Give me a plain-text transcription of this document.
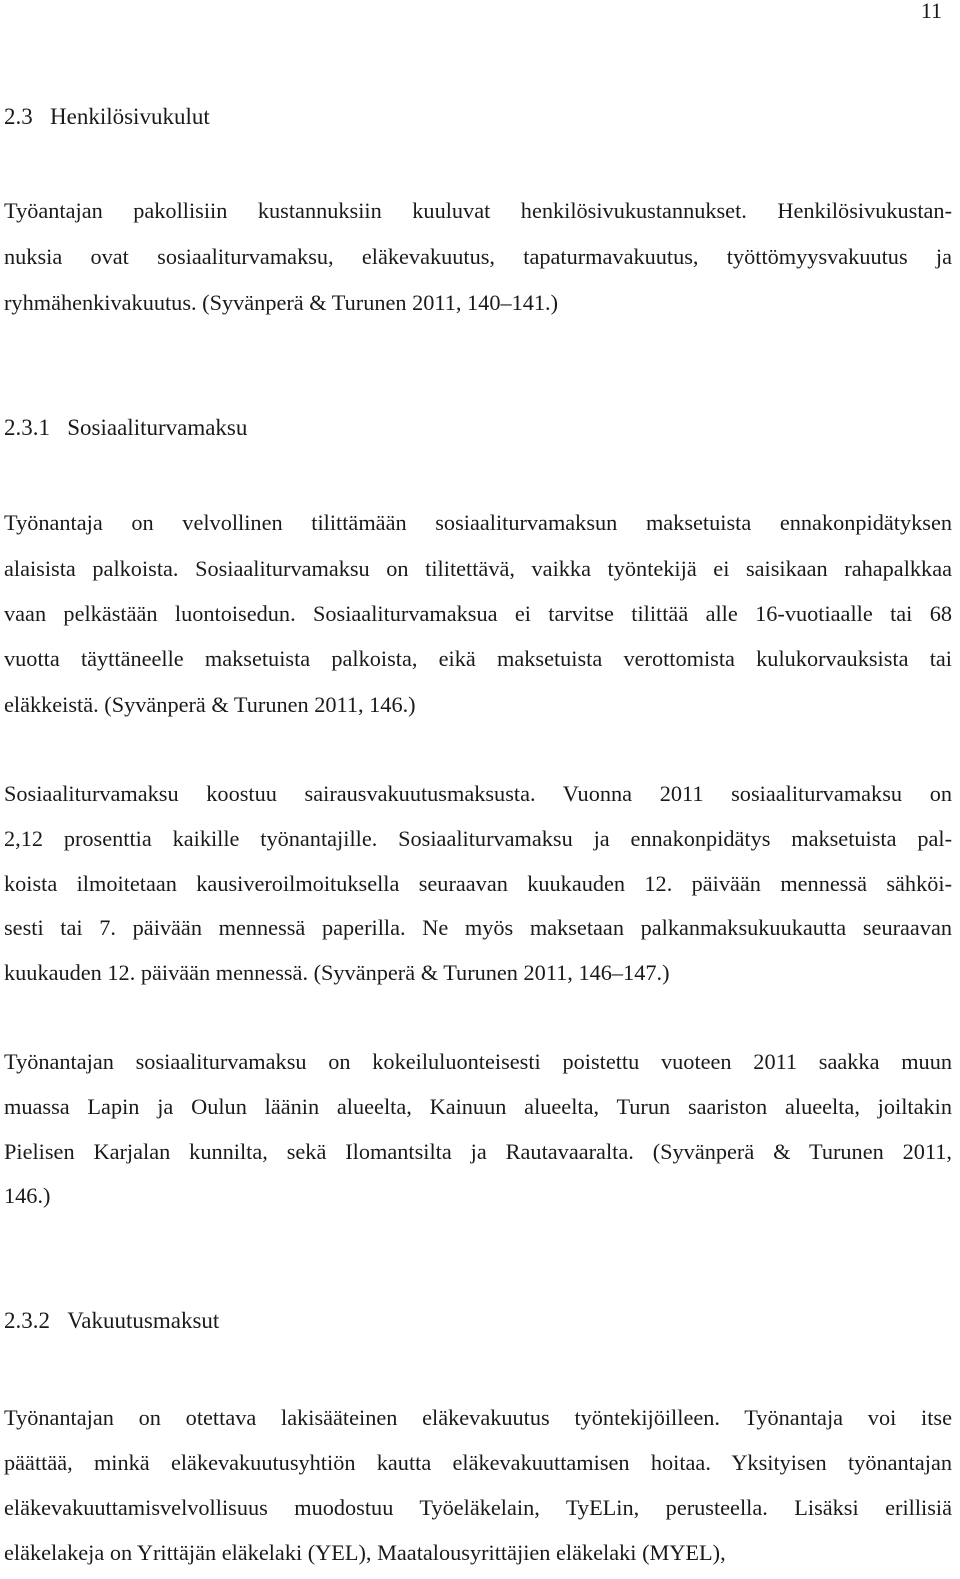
11
2.3 Henkilösivukulut
Työantajan pakollisiin kustannuksiin kuuluvat henkilösivukustannukset. Henkilösivukustan-
nuksia ovat sosiaaliturvamaksu, eläkevakuutus, tapaturmavakuutus, työttömyysvakuutus ja
ryhmähenkivakuutus. (Syvänperä & Turunen 2011, 140–141.)
2.3.1 Sosiaaliturvamaksu
Työnantaja on velvollinen tilittämään sosiaaliturvamaksun maksetuista ennakonpidätyksen
alaisista palkoista. Sosiaaliturvamaksu on tilitettävä, vaikka työntekijä ei saisikaan rahapalkkaa
vaan pelkästään luontoisedun. Sosiaaliturvamaksua ei tarvitse tilittää alle 16-vuotiaalle tai 68
vuotta täyttäneelle maksetuista palkoista, eikä maksetuista verottomista kulukorvauksista tai
eläkkeistä. (Syvänperä & Turunen 2011, 146.)
Sosiaaliturvamaksu koostuu sairausvakuutusmaksusta. Vuonna 2011 sosiaaliturvamaksu on
2,12 prosenttia kaikille työnantajille. Sosiaaliturvamaksu ja ennakonpidätys maksetuista pal-
koista ilmoitetaan kausiveroilmoituksella seuraavan kuukauden 12. päivään mennessä sähköi-
sesti tai 7. päivään mennessä paperilla. Ne myös maksetaan palkanmaksukuukautta seuraavan
kuukauden 12. päivään mennessä. (Syvänperä & Turunen 2011, 146–147.)
Työnantajan sosiaaliturvamaksu on kokeiluluonteisesti poistettu vuoteen 2011 saakka muun
muassa Lapin ja Oulun läänin alueelta, Kainuun alueelta, Turun saariston alueelta, joiltakin
Pielisen Karjalan kunnilta, sekä Ilomantsilta ja Rautavaaralta. (Syvänperä & Turunen 2011,
146.)
2.3.2 Vakuutusmaksut
Työnantajan on otettava lakisääteinen eläkevakuutus työntekijöilleen. Työnantaja voi itse
päättää, minkä eläkevakuutusyhtiön kautta eläkevakuuttamisen hoitaa. Yksityisen työnantajan
eläkevakuuttamisvelvollisuus muodostuu Työeläkelain, TyELin, perusteella. Lisäksi erillisiä
eläkelakeja on Yrittäjän eläkelaki (YEL), Maatalousyrittäjien eläkelaki (MYEL),
